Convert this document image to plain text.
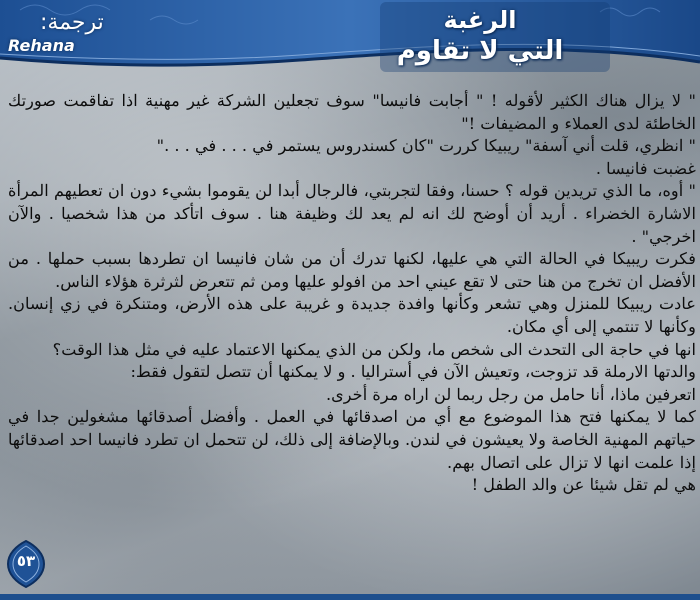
الرغبة
التي لا تقاوم
ترجمة:
Rehana

" لا يزال هناك الكثير لأقوله ! " أجابت فانيسا" سوف تجعلين الشركة غير مهنية اذا تفاقمت صورتك الخاطئة لدى العملاء و المضيفات !"

" انظري، قلت أني آسفة" ريبيكا كررت "كان كسندروس يستمر في . . . في . . ."

غضبت فانيسا .

" أوه، ما الذي تريدين قوله ؟ حسنا، وفقا لتجربتي، فالرجال أبدا لن يقوموا بشيء دون ان تعطيهم المرأة الاشارة الخضراء . أريد أن أوضح لك انه لم يعد لك وظيفة هنا . سوف اتأكد من هذا شخصيا . والآن اخرجي" .

فكرت ريبيكا في الحالة التي هي عليها، لكنها تدرك أن من شان فانيسا ان تطردها بسبب حملها . من الأفضل ان تخرج من هنا حتى لا تقع عيني احد من افولو عليها ومن ثم تتعرض لثرثرة هؤلاء الناس.

عادت ريبيكا للمنزل وهي تشعر وكأنها وافدة جديدة و غريبة على هذه الأرض، ومتنكرة في زي إنسان. وكأنها لا تنتمي إلى أي مكان.

انها في حاجة الى التحدث الى شخص ما، ولكن من الذي يمكنها الاعتماد عليه في مثل هذا الوقت؟

والدتها الارملة قد تزوجت، وتعيش الآن في أستراليا . و لا يمكنها أن تتصل لتقول فقط:

اتعرفين ماذا، أنا حامل من رجل ربما لن اراه مرة أخرى.

كما لا يمكنها فتح هذا الموضوع مع أي من اصدقائها في العمل . وأفضل أصدقائها مشغولين جدا في حياتهم المهنية الخاصة ولا يعيشون في لندن. وبالإضافة إلى ذلك، لن تتحمل ان تطرد فانيسا احد اصدقائها إذا علمت انها لا تزال على اتصال بهم.

هي لم تقل شيئا عن والد الطفل !

٥٣
